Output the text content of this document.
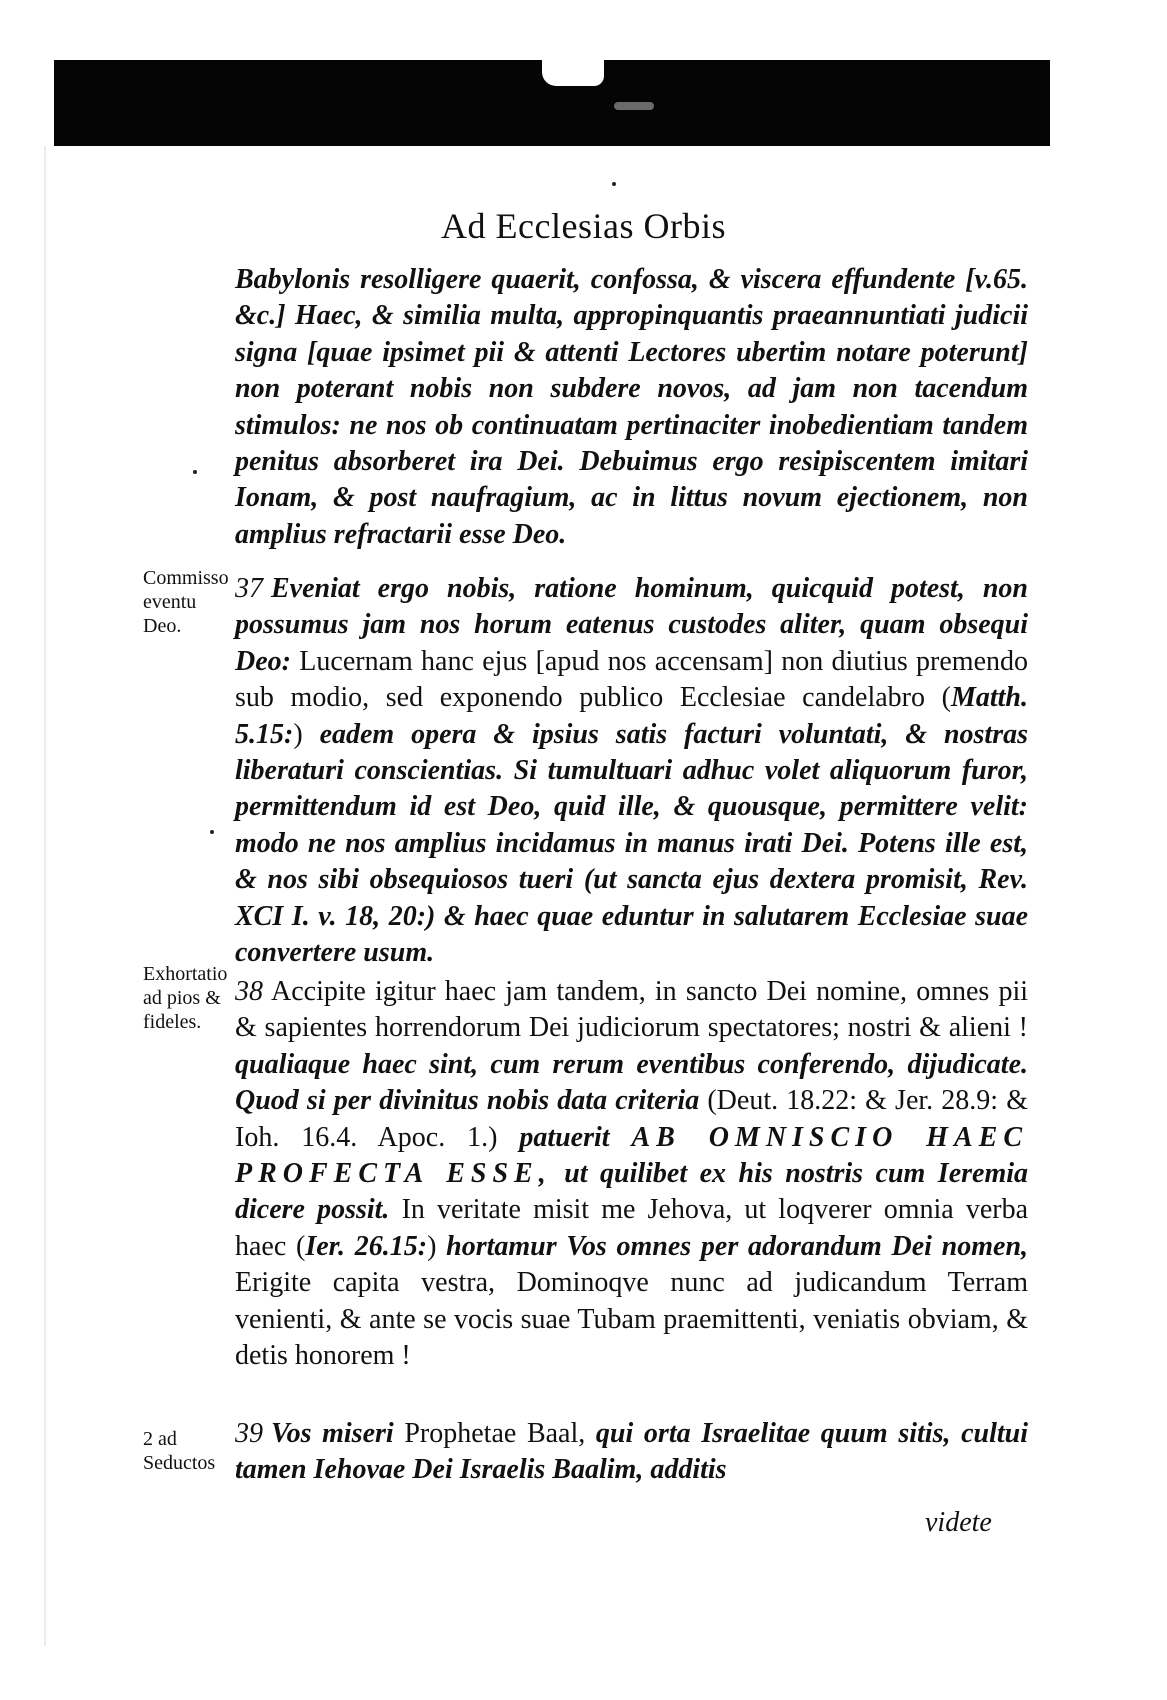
Ad Ecclesias Orbis

Babylonis resolligere quaerit, confossa, & viscera effundente [v.65. &c.] Haec, & similia multa, appropinquantis praeannuntiati judicii signa [quae ipsimet pii & attenti Lectores ubertim notare poterunt] non poterant nobis non subdere novos, ad jam non tacendum stimulos: ne nos ob continuatam pertinaciter inobedientiam tandem penitus absorberet ira Dei. Debuimus ergo resipiscentem imitari Ionam, & post naufragium, ac in littus novum ejectionem, non amplius refractarii esse Deo.

Commisso eventu Deo.

37 Eveniat ergo nobis, ratione hominum, quicquid potest, non possumus jam nos horum eatenus custodes aliter, quam obsequi Deo: Lucernam hanc ejus [apud nos accensam] non diutius premendo sub modio, sed exponendo publico Ecclesiae candelabro (Matth. 5.15:) eadem opera & ipsius satis facturi voluntati, & nostras liberaturi conscientias. Si tumultuari adhuc volet aliquorum furor, permittendum id est Deo, quid ille, & quousque, permittere velit: modo ne nos amplius incidamus in manus irati Dei. Potens ille est, & nos sibi obsequiosos tueri (ut sancta ejus dextera promisit, Rev. XCI I. v. 18, 20:) & haec quae eduntur in salutarem Ecclesiae suae convertere usum.

Exhortatio ad pios & fideles.

38 Accipite igitur haec jam tandem, in sancto Dei nomine, omnes pii & sapientes horrendorum Dei judiciorum spectatores; nostri & alieni ! qualiaque haec sint, cum rerum eventibus conferendo, dijudicate. Quod si per divinitus nobis data criteria (Deut. 18.22: & Jer. 28.9: & Ioh. 16.4. Apoc. 1.) patuerit AB OMNISCIO HAEC PROFECTA ESSE, ut quilibet ex his nostris cum Ieremia dicere possit. In veritate misit me Jehova, ut loqverer omnia verba haec (Ier. 26.15:) hortamur Vos omnes per adorandum Dei nomen, Erigite capita vestra, Dominoqve nunc ad judicandum Terram venienti, & ante se vocis suae Tubam praemittenti, veniatis obviam, & detis honorem !

2 ad Seductos

39 Vos miseri Prophetae Baal, qui orta Israelitae quum sitis, cultui tamen Iehovae Dei Israelis Baalim, additis

videte
